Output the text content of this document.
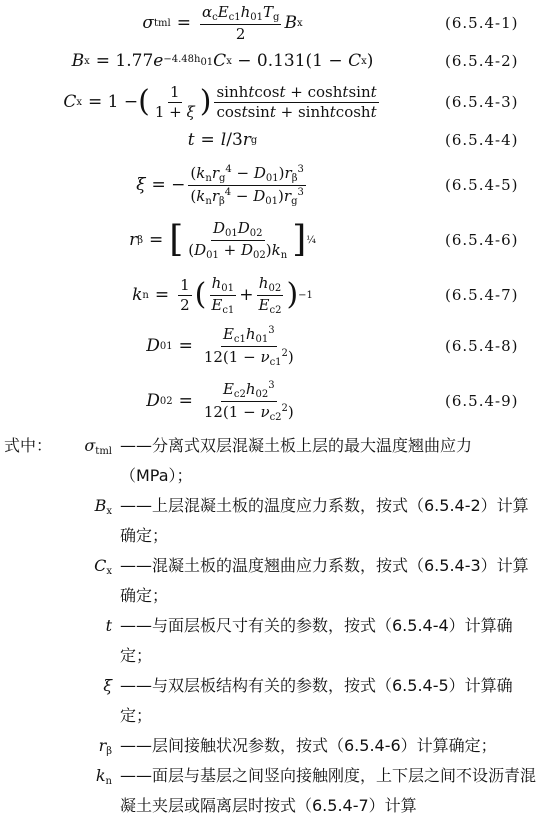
σ tml = $\frac{\alpha_cE_{c1}h_{01}T_g}{2}$ B x	(6.5.4-1)
B x = 1.77 $e -4.48h_{01}$ C x − 0.131(1 − C x )	(6.5.4-2)
C x = 1 − ( $\frac{1}{1 + \xi}$ ) $\frac{\text{sinhtcost + coshtsint}}{\text{costsint + sinhtcosht}}$	(6.5.4-3)
t = l /3 r g	(6.5.4-4)
ξ = − $\frac{(k_nr_g^4 - D_{01})r_\beta^3}{(k_nr_\beta^4 - D_{01})r_g^3}$	(6.5.4-5)
r β = [ $\frac{D_{01}D_{02}}{(D_{01} + D_{02})k_n}$ ] ¼	(6.5.4-6)
k $n = \frac{1}{2}$ ( $\frac{h_{01}}{E_{c1}} + \frac{h_{02}}{E_{c2}}$ ) −1	(6.5.4-7)
D $01 = \frac{E_{c1}h_{01}^3}{12(1 - \nu_{c1}^2)}$	(6.5.4-8)
D $02 = \frac{E_{c2}h_{02}^3}{12(1 - \nu_{c2}^2)}$	(6.5.4-9)
式中：	$\sigma_{tml}$ ——分离式双层混凝土板上层的最大温度翘曲应力（MPa）；
$B_x$ ——上层混凝土板的温度应力系数，按式（6.5.4-2）计算确定；
$C_x$ ——混凝土板的温度翘曲应力系数，按式（6.5.4-3）计算确定；
t ——与面层板尺寸有关的参数，按式（6.5.4-4）计算确定；
ξ ——与双层板结构有关的参数，按式（6.5.4-5）计算确定；
$r_\beta$ ——层间接触状况参数，按式（6.5.4-6）计算确定；
$k_n$ ——面层与基层之间竖向接触刚度，上下层之间不设沥青混凝土夹层或隔离层时按式（6.5.4-7）计算
